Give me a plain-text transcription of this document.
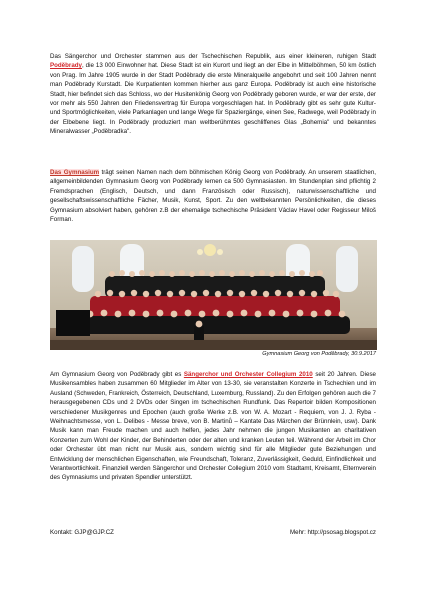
Das Sängerchor und Orchester stammen aus der Tschechischen Republik, aus einer kleineren, ruhigen Stadt Poděbrady, die 13 000 Einwohner hat. Diese Stadt ist ein Kurort und liegt an der Elbe in Mittelböhmen, 50 km östlich von Prag. Im Jahre 1905 wurde in der Stadt Poděbrady die erste Mineralquelle angebohrt und seit 100 Jahren nennt man Poděbrady Kurstadt. Die Kurpatienten kommen hierher aus ganz Europa. Poděbrady ist auch eine historische Stadt, hier befindet sich das Schloss, wo der Husitenkönig Georg von Poděbrady geboren wurde, er war der erste, der vor mehr als 550 Jahren den Friedensvertrag für Europa vorgeschlagen hat. In Poděbrady gibt es sehr gute Kultur- und Sportmöglichkeiten, viele Parkanlagen und lange Wege für Spaziergänge, einen See, Radwege, weil Poděbrady in der Elbebene liegt. In Poděbrady produziert man weltberühmtes geschliffenes Glas „Bohemia" und bekanntes Mineralwasser „Poděbradka".

Das Gymnasium trägt seinen Namen nach dem böhmischen König Georg von Poděbrady. An unserem staatlichen, allgemeinbildenden Gymnasium Georg von Poděbrady lernen ca 500 Gymnasiasten. Im Stundenplan sind pflichtig 2 Fremdsprachen (Englisch, Deutsch, und dann Französisch oder Russisch), naturwissenschaftliche und gesellschaftswissenschaftliche Fächer, Musik, Kunst, Sport. Zu den weltbekannten Persönlichkeiten, die dieses Gymnasium absolviert haben, gehören z.B der ehemalige tschechische Präsident Václav Havel oder Regisseur Miloš Forman.

Gymnasium Georg von Poděbrady, 30.9.2017

Am Gymnasium Georg von Poděbrady gibt es Sängerchor und Orchester Collegium 2010 seit 20 Jahren. Diese Musikensambles haben zusammen 60 Mitglieder im Alter von 13-30, sie veranstalten Konzerte in Tschechien und im Ausland (Schweden, Frankreich, Österreich, Deutschland, Luxemburg, Russland). Zu den Erfolgen gehören auch die 7 herausgegebenen CDs und 2 DVDs oder Singen im tschechischen Rundfunk. Das Repertoir bilden Kompositionen verschiedener Musikgenres und Epochen (auch große Werke z.B. von W. A. Mozart - Requiem, von J. J. Ryba - Weihnachtsmesse, von L. Delibes - Messe breve, von B. Martinů – Kantate Das Märchen der Brünnlein, usw). Dank Musik kann man Freude machen und auch helfen, jedes Jahr nehmen die jungen Musikanten an charitativen Konzerten zum Wohl der Kinder, der Behinderten oder der alten und kranken Leuten teil. Während der Arbeit im Chor oder Orchester übt man nicht nur Musik aus, sondern wichtig sind für alle Mitglieder gute Beziehungen und Entwicklung der menschlichen Eigenschaften, wie Freundschaft, Toleranz, Zuverlässigkeit, Geduld, Einfindlichkeit und Verantwortlichkeit. Finanziell werden Sängerchor und Orchester Collegium 2010 vom Stadtamt, Kreisamt, Elternverein des Gymnasiums und privaten Spendler unterstützt.

Kontakt: GJP@GJP.CZ	Mehr: http://psosag.blogspot.cz
